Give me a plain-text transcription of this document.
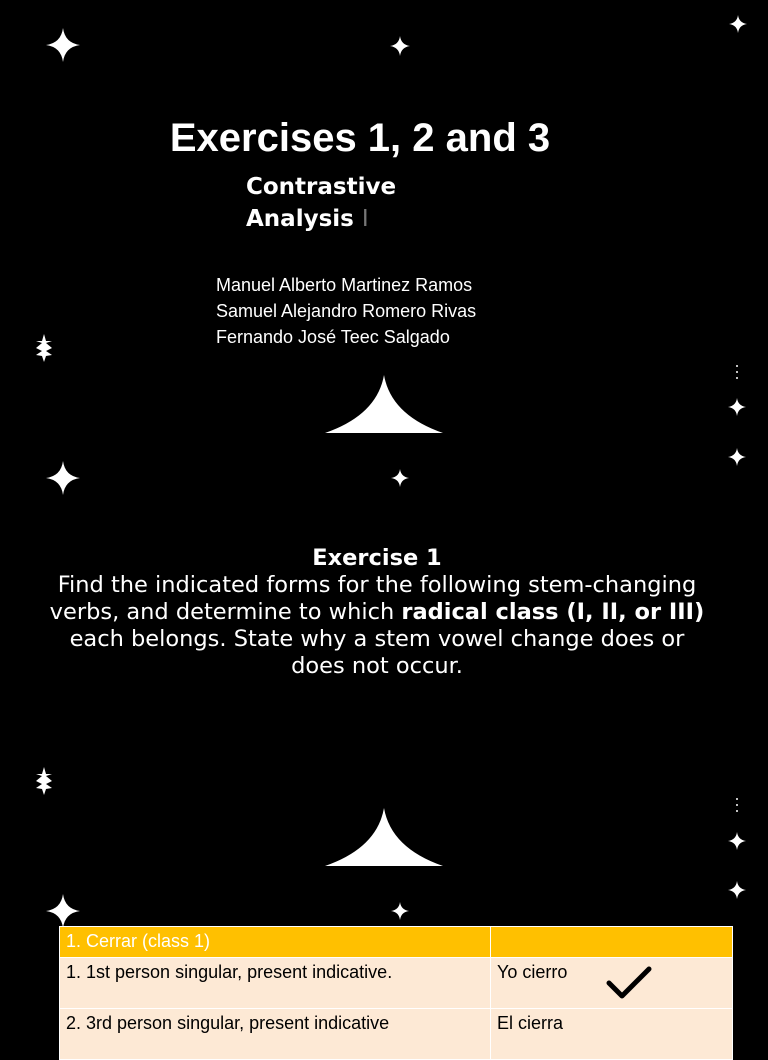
Exercises 1, 2 and 3
Contrastive
Analysis I
Manuel Alberto Martinez Ramos
Samuel Alejandro Romero Rivas
Fernando José Teec Salgado
Exercise 1
Find the indicated forms for the following stem-changing verbs, and determine to which radical class (I, II, or III) each belongs. State why a stem vowel change does or does not occur.
1. Cerrar (class 1)	
1. 1st person singular, present indicative.	Yo cierro
2. 3rd person singular, present indicative	El cierra
